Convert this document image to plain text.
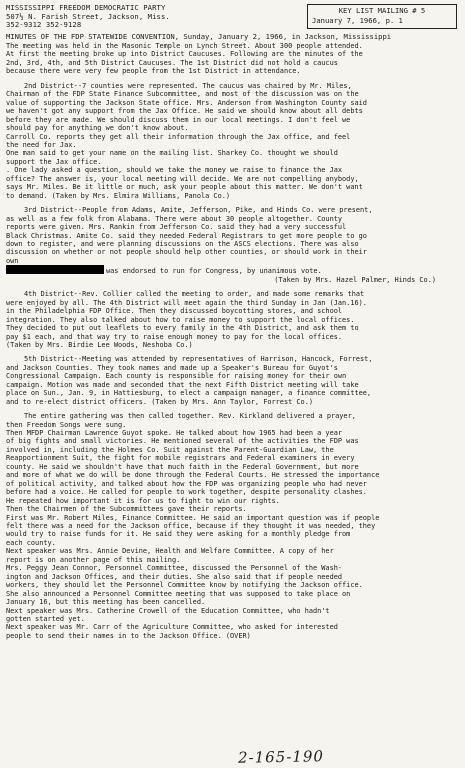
MISSISSIPPI FREEDOM DEMOCRATIC PARTY
507½ N. Farish Street, Jackson, Miss.
352-9312 352-9128
KEY LIST MAILING # 5
January 7, 1966, p. 1
MINUTES OF THE FDP STATEWIDE CONVENTION, Sunday, January 2, 1966, in Jackson, Mississippi
The meeting was held in the Masonic Temple on Lynch Street. About 300 people attended.
At first the meeting broke up into District Caucuses. Following are the minutes of the
2nd, 3rd, 4th, and 5th District Caucuses. The 1st District did not hold a caucus
because there were very few people from the 1st District in attendance.
2nd District--7 counties were represented. The caucus was chaired by Mr. Miles,
Chairman of the FDP State Finance Subcommittee, and most of the discussion was on the
value of supporting the Jackson State office. Mrs. Anderson from Washington County said
we haven't got any support from the Jax Office. He said we should know about all debts
before they are made. We should discuss them in our local meetings. I don't feel we
should pay for anything we don't know about.
Carroll Co. reports they get all their information through the Jax office, and feel
the need for Jax.
One man said to get your name on the mailing list. Sharkey Co. thought we should
support the Jax office.
. One lady asked a question, should we take the money we raise to finance the Jax
office? The answer is, your local meeting will decide. We are not compelling anybody,
says Mr. Miles. Be it little or much, ask your people about this matter. We don't want
to demand. (Taken by Mrs. Elmira Williams, Panola Co.)
3rd District--People from Adams, Amite, Jefferson, Pike, and Hinds Co. were present,
as well as a few folk from Alabama. There were about 30 people altogether. County
reports were given. Mrs. Rankin from Jefferson Co. said they had a very successful
Black Christmas. Amite Co. said they needed Federal Registrars to get more people to go
down to register, and were planning discussions on the ASCS elections. There was also
discussion on whether or not people should help other counties, or should work in their
own
was endorsed to run for Congress, by unanimous vote.
(Taken by Mrs. Hazel Palmer, Hinds Co.)
4th District--Rev. Collier called the meeting to order, and made some remarks that
were enjoyed by all. The 4th District will meet again the third Sunday in Jan (Jan.16).
in the Philadelphia FDP Office. Then they discussed boycotting stores, and school
integration. They also talked about how to raise money to support the local offices.
They decided to put out leaflets to every family in the 4th District, and ask them to
pay $1 each, and that way try to raise enough money to pay for the local offices.
(Taken by Mrs. Birdie Lee Woods, Neshoba Co.)
5th District--Meeting was attended by representatives of Harrison, Hancock, Forrest,
and Jackson Counties. They took names and made up a Speaker's Bureau for Guyot's
Congressional Campaign. Each county is responsible for raising money for their own
campaign. Motion was made and seconded that the next Fifth District meeting will take
place on Sun., Jan. 9, in Hattiesburg, to elect a campaign manager, a finance committee,
and to re-elect district officers. (Taken by Mrs. Ann Taylor, Forrest Co.)
The entire gathering was then called together. Rev. Kirkland delivered a prayer,
then Freedom Songs were sung.
Then MFDP Chairman Lawrence Guyot spoke. He talked about how 1965 had been a year
of big fights and small victories. He mentioned several of the activities the FDP was
involved in, including the Holmes Co. Suit against the Parent-Guardian Law, the
Reapportionment Suit, the fight for mobile registrars and Federal examiners in every
county. He said we shouldn't have that much faith in the Federal Government, but more
and more of what we do will be done through the Federal Courts. He stressed the importance
of political activity, and talked about how the FDP was organizing people who had never
before had a voice. He called for people to work together, despite personality clashes.
He repeated how important it is for us to fight to win our rights.
Then the Chairmen of the Subcommittees gave their reports.
First was Mr. Robert Miles, Finance Committee. He said an important question was if people
felt there was a need for the Jackson office, because if they thought it was needed, they
would try to raise funds for it. He said they were asking for a monthly pledge from
each county.
Next speaker was Mrs. Annie Devine, Health and Welfare Committee. A copy of her
report is on another page of this mailing.
Mrs. Peggy Jean Connor, Personnel Committee, discussed the Personnel of the Wash-
ington and Jackson Offices, and their duties. She also said that if people needed
workers, they should let the Personnel Committee know by notifying the Jackson office.
She also announced a Personnel Committee meeting that was supposed to take place on
January 16, but this meeting has been cancelled.
Next speaker was Mrs. Catherine Crowell of the Education Committee, who hadn't
gotten started yet.
Next speaker was Mr. Carr of the Agriculture Committee, who asked for interested
people to send their names in to the Jackson Office. (OVER)
2-165-190
